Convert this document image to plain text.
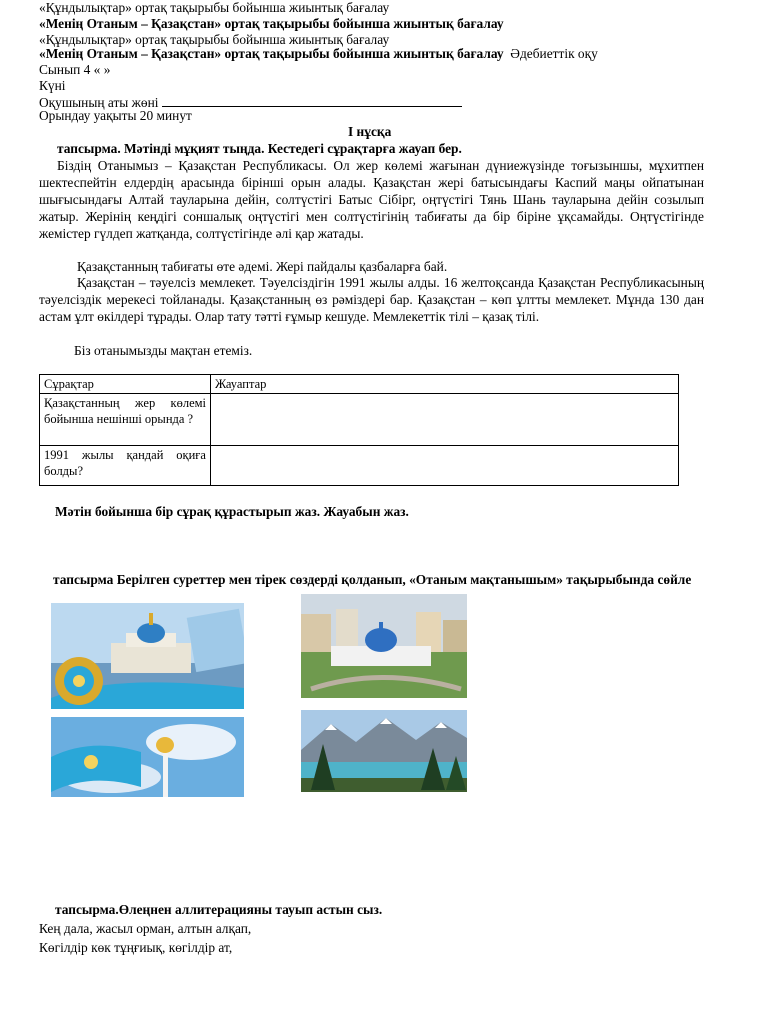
«Құндылықтар» ортақ тақырыбы бойынша жиынтық бағалау
«Менің Отаным – Қазақстан» ортақ тақырыбы бойынша жиынтық бағалау
«Құндылықтар» ортақ тақырыбы бойынша жиынтық бағалау
«Менің Отаным – Қазақстан» ортақ тақырыбы бойынша жиынтық бағалау Әдебиеттік оқу
Сынып 4 « »
Күні
Оқушының аты жөні
Орындау уақыты 20 минут
І нұсқа
тапсырма. Мәтінді мұқият тыңда. Кестедегі сұрақтарға жауап бер.
Біздің Отанымыз – Қазақстан Республикасы. Ол жер көлемі жағынан дүниежүзінде тоғызыншы, мұхитпен шектеспейтін елдердің арасында бірінші орын алады. Қазақстан жері батысындағы Каспий маңы ойпатынан шығысындағы Алтай тауларына дейін, солтүстігі Батыс Сібірг, оңтүстігі Тянь Шань тауларына дейін созылып жатыр. Жерінің кеңдігі соншалық оңтүстігі мен солтүстігінің табиғаты да бір біріне ұқсамайды. Оңтүстігінде жемістер гүлдеп жатқанда, солтүстігінде әлі қар жатады.
Қазақстанның табиғаты өте әдемі. Жері пайдалы қазбаларға бай.
Қазақстан – тәуелсіз мемлекет. Тәуелсіздігін 1991 жылы алды. 16 желтоқсанда Қазақстан Республикасының тәуелсіздік мерекесі тойланады. Қазақстанның өз рәміздері бар. Қазақстан – көп ұлтты мемлекет. Мұнда 130 дан астам ұлт өкілдері тұрады. Олар тату тәтті ғұмыр кешуде. Мемлекеттік тілі – қазақ тілі.
Біз отанымызды мақтан етеміз.
Сұрақтар	Жауаптар
Қазақстанның жер көлемі бойынша нешінші орында ?	
1991 жылы қандай оқиға болды?	
Мәтін бойынша бір сұрақ құрастырып жаз. Жауабын жаз.
тапсырма Берілген суреттер мен тірек сөздерді қолданып, «Отаным мақтанышым» тақырыбында сөйле
тапсырма.Өлеңнен аллитерацияны тауып астын сыз.
Кең дала, жасыл орман, алтын алқап,
Көгілдір көк тұңғиық, көгілдір ат,
